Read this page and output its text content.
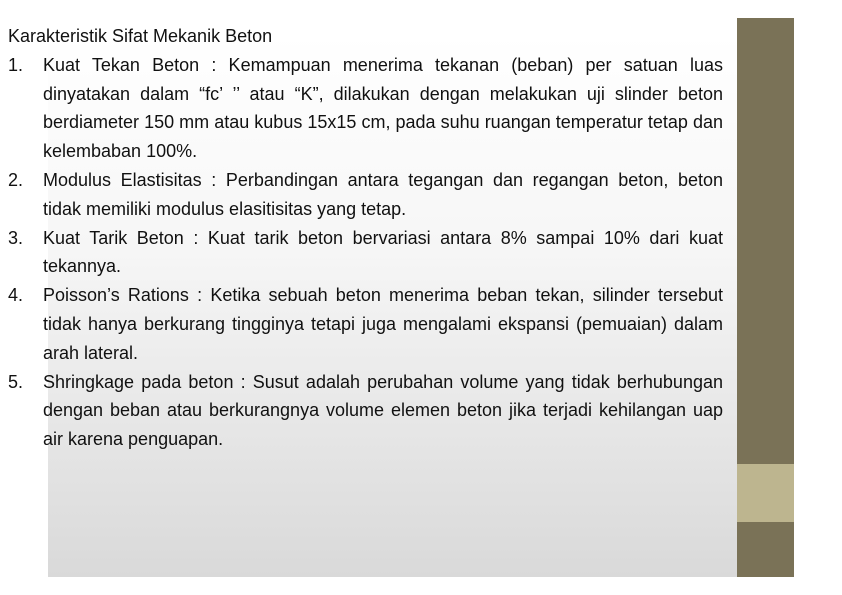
Karakteristik Sifat Mekanik Beton
1. Kuat Tekan Beton : Kemampuan menerima tekanan (beban) per satuan luas dinyatakan dalam “fc’ ’’ atau “K”, dilakukan dengan melakukan uji slinder beton berdiameter 150 mm atau kubus 15x15 cm, pada suhu ruangan temperatur tetap dan kelembaban 100%.
2. Modulus Elastisitas : Perbandingan antara tegangan dan regangan beton, beton tidak memiliki modulus elasitisitas yang tetap.
3. Kuat Tarik Beton : Kuat tarik beton bervariasi antara 8% sampai 10% dari kuat tekannya.
4. Poisson’s Rations : Ketika sebuah beton menerima beban tekan, silinder tersebut tidak hanya berkurang tingginya tetapi juga mengalami ekspansi (pemuaian) dalam arah lateral.
5. Shringkage pada beton : Susut adalah perubahan volume yang tidak berhubungan dengan beban atau berkurangnya volume elemen beton jika terjadi kehilangan uap air karena penguapan.
